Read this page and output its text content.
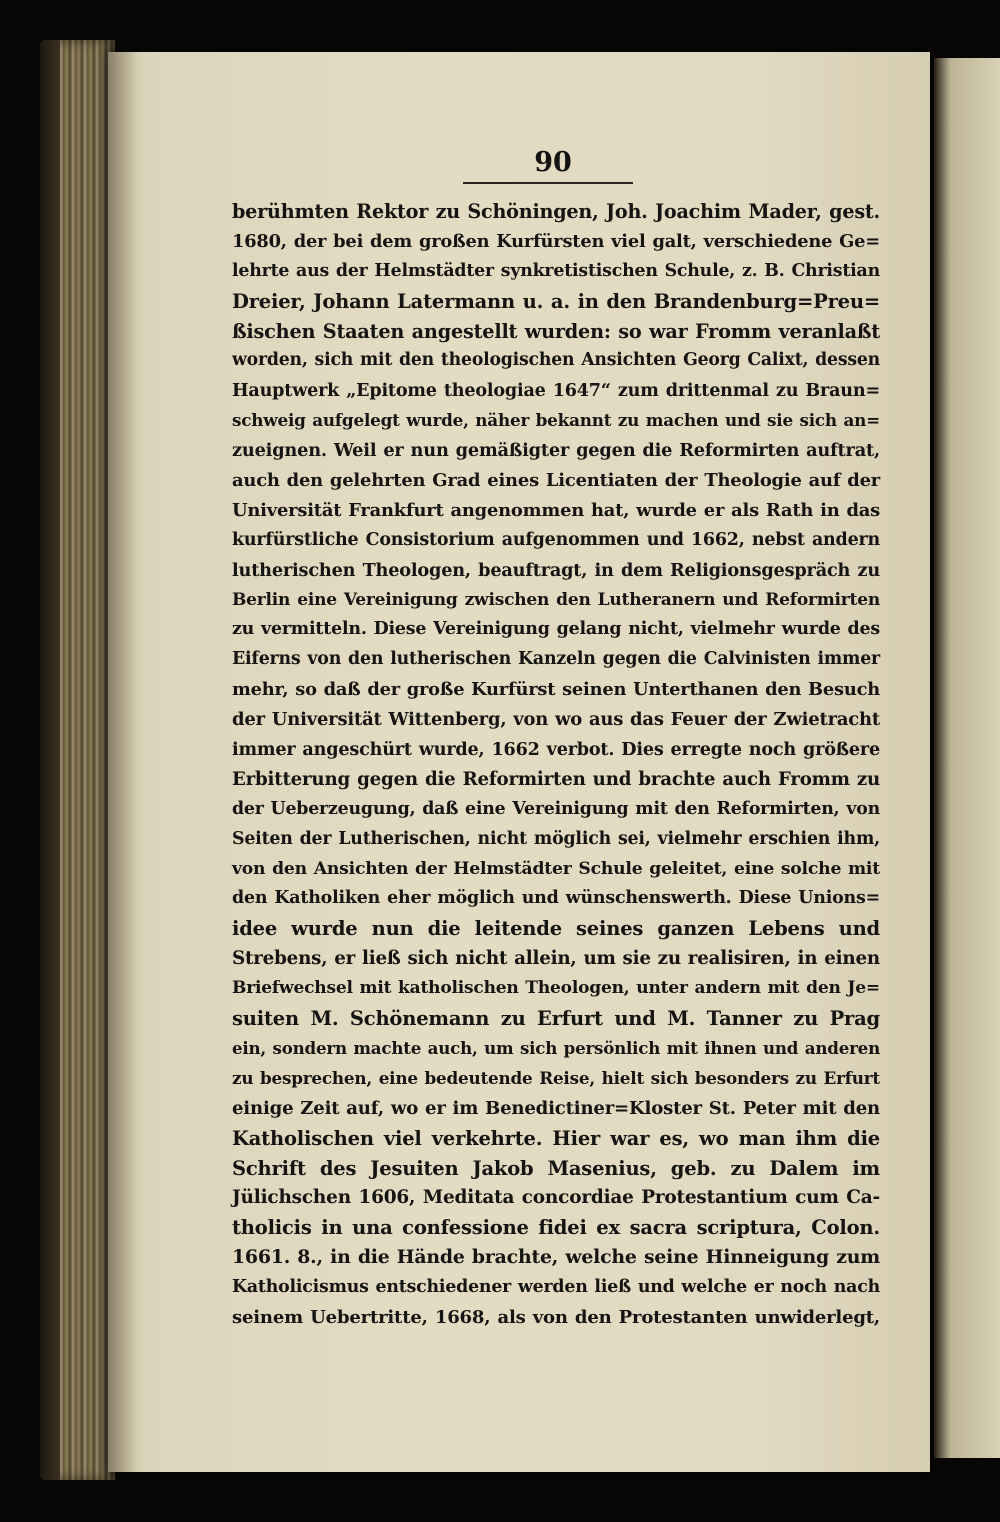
90
berühmten Rektor zu Schöningen, Joh. Joachim Mader, gest.
1680, der bei dem großen Kurfürsten viel galt, verschiedene Ge=
lehrte aus der Helmstädter synkretistischen Schule, z. B. Christian
Dreier, Johann Latermann u. a. in den Brandenburg=Preu=
ßischen Staaten angestellt wurden: so war Fromm veranlaßt
worden, sich mit den theologischen Ansichten Georg Calixt, dessen
Hauptwerk „Epitome theologiae 1647“ zum drittenmal zu Braun=
schweig aufgelegt wurde, näher bekannt zu machen und sie sich an=
zueignen. Weil er nun gemäßigter gegen die Reformirten auftrat,
auch den gelehrten Grad eines Licentiaten der Theologie auf der
Universität Frankfurt angenommen hat, wurde er als Rath in das
kurfürstliche Consistorium aufgenommen und 1662, nebst andern
lutherischen Theologen, beauftragt, in dem Religionsgespräch zu
Berlin eine Vereinigung zwischen den Lutheranern und Reformirten
zu vermitteln. Diese Vereinigung gelang nicht, vielmehr wurde des
Eiferns von den lutherischen Kanzeln gegen die Calvinisten immer
mehr, so daß der große Kurfürst seinen Unterthanen den Besuch
der Universität Wittenberg, von wo aus das Feuer der Zwietracht
immer angeschürt wurde, 1662 verbot. Dies erregte noch größere
Erbitterung gegen die Reformirten und brachte auch Fromm zu
der Ueberzeugung, daß eine Vereinigung mit den Reformirten, von
Seiten der Lutherischen, nicht möglich sei, vielmehr erschien ihm,
von den Ansichten der Helmstädter Schule geleitet, eine solche mit
den Katholiken eher möglich und wünschenswerth. Diese Unions=
idee wurde nun die leitende seines ganzen Lebens und
Strebens, er ließ sich nicht allein, um sie zu realisiren, in einen
Briefwechsel mit katholischen Theologen, unter andern mit den Je=
suiten M. Schönemann zu Erfurt und M. Tanner zu Prag
ein, sondern machte auch, um sich persönlich mit ihnen und anderen
zu besprechen, eine bedeutende Reise, hielt sich besonders zu Erfurt
einige Zeit auf, wo er im Benedictiner=Kloster St. Peter mit den
Katholischen viel verkehrte. Hier war es, wo man ihm die
Schrift des Jesuiten Jakob Masenius, geb. zu Dalem im
Jülichschen 1606, Meditata concordiae Protestantium cum Ca-
tholicis in una confessione fidei ex sacra scriptura, Colon.
1661. 8., in die Hände brachte, welche seine Hinneigung zum
Katholicismus entschiedener werden ließ und welche er noch nach
seinem Uebertritte, 1668, als von den Protestanten unwiderlegt,
